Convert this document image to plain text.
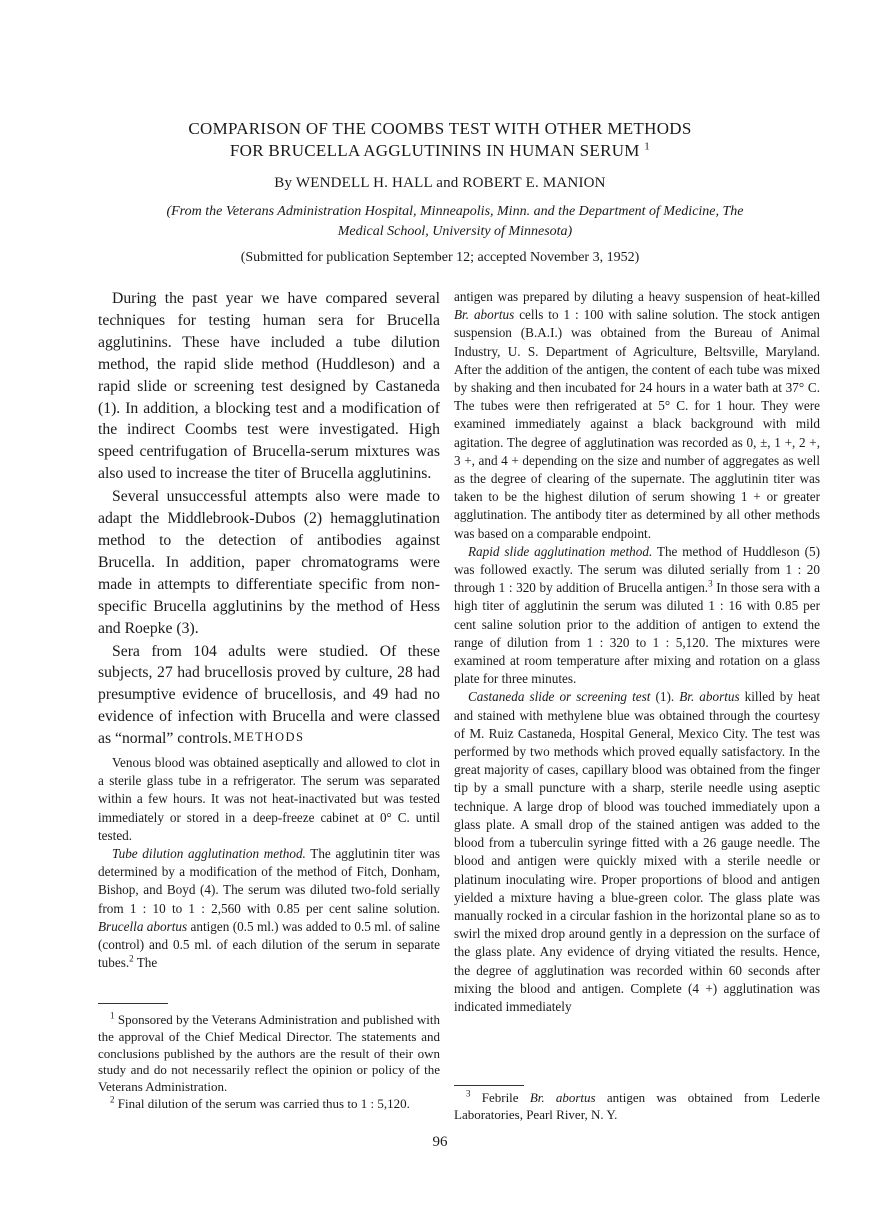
COMPARISON OF THE COOMBS TEST WITH OTHER METHODS
FOR BRUCELLA AGGLUTININS IN HUMAN SERUM $^1$
By WENDELL H. HALL and ROBERT E. MANION
(From the Veterans Administration Hospital, Minneapolis, Minn. and the Department of Medicine, The Medical School, University of Minnesota)
(Submitted for publication September 12; accepted November 3, 1952)

During the past year we have compared several techniques for testing human sera for Brucella agglutinins. These have included a tube dilution method, the rapid slide method (Huddleson) and a rapid slide or screening test designed by Castaneda (1). In addition, a blocking test and a modification of the indirect Coombs test were investigated. High speed centrifugation of Brucella-serum mixtures was also used to increase the titer of Brucella agglutinins.

Several unsuccessful attempts also were made to adapt the Middlebrook-Dubos (2) hemagglutination method to the detection of antibodies against Brucella. In addition, paper chromatograms were made in attempts to differentiate specific from non-specific Brucella agglutinins by the method of Hess and Roepke (3).

Sera from 104 adults were studied. Of these subjects, 27 had brucellosis proved by culture, 28 had presumptive evidence of brucellosis, and 49 had no evidence of infection with Brucella and were classed as “normal” controls. METHODS

Venous blood was obtained aseptically and allowed to clot in a sterile glass tube in a refrigerator. The serum was separated within a few hours. It was not heat-inactivated but was tested immediately or stored in a deep-freeze cabinet at 0° C. until tested.

Tube dilution agglutination method. The agglutinin titer was determined by a modification of the method of Fitch, Donham, Bishop, and Boyd (4). The serum was diluted two-fold serially from 1 : 10 to 1 : 2,560 with 0.85 per cent saline solution. Brucella abortus antigen (0.5 ml.) was added to 0.5 ml. of saline (control) and 0.5 ml. of each dilution of the serum in separate tubes.$^2$ The

antigen was prepared by diluting a heavy suspension of heat-killed Br. abortus cells to 1 : 100 with saline solution. The stock antigen suspension (B.A.I.) was obtained from the Bureau of Animal Industry, U. S. Department of Agriculture, Beltsville, Maryland. After the addition of the antigen, the content of each tube was mixed by shaking and then incubated for 24 hours in a water bath at 37° C. The tubes were then refrigerated at 5° C. for 1 hour. They were examined immediately against a black background with mild agitation. The degree of agglutination was recorded as 0, ±, 1 +, 2 +, 3 +, and 4 + depending on the size and number of aggregates as well as the degree of clearing of the supernate. The agglutinin titer was taken to be the highest dilution of serum showing 1 + or greater agglutination. The antibody titer as determined by all other methods was based on a comparable endpoint.

Rapid slide agglutination method. The method of Huddleson (5) was followed exactly. The serum was diluted serially from 1 : 20 through 1 : 320 by addition of Brucella antigen.$^3$ In those sera with a high titer of agglutinin the serum was diluted 1 : 16 with 0.85 per cent saline solution prior to the addition of antigen to extend the range of dilution from 1 : 320 to 1 : 5,120. The mixtures were examined at room temperature after mixing and rotation on a glass plate for three minutes.

Castaneda slide or screening test (1). Br. abortus killed by heat and stained with methylene blue was obtained through the courtesy of M. Ruiz Castaneda, Hospital General, Mexico City. The test was performed by two methods which proved equally satisfactory. In the great majority of cases, capillary blood was obtained from the finger tip by a small puncture with a sharp, sterile needle using aseptic technique. A large drop of blood was touched immediately upon a glass plate. A small drop of the stained antigen was added to the blood from a tuberculin syringe fitted with a 26 gauge needle. The blood and antigen were quickly mixed with a sterile needle or platinum inoculating wire. Proper proportions of blood and antigen yielded a mixture having a blue-green color. The glass plate was manually rocked in a circular fashion in the horizontal plane so as to swirl the mixed drop around gently in a depression on the surface of the glass plate. Any evidence of drying vitiated the results. Hence, the degree of agglutination was recorded within 60 seconds after mixing the blood and antigen. Complete (4 +) agglutination was indicated immediately

$^1$ Sponsored by the Veterans Administration and published with the approval of the Chief Medical Director. The statements and conclusions published by the authors are the result of their own study and do not necessarily reflect the opinion or policy of the Veterans Administration.

$^2$ Final dilution of the serum was carried thus to 1 : 5,120.

$^3$ Febrile Br. abortus antigen was obtained from Lederle Laboratories, Pearl River, N. Y.

96
